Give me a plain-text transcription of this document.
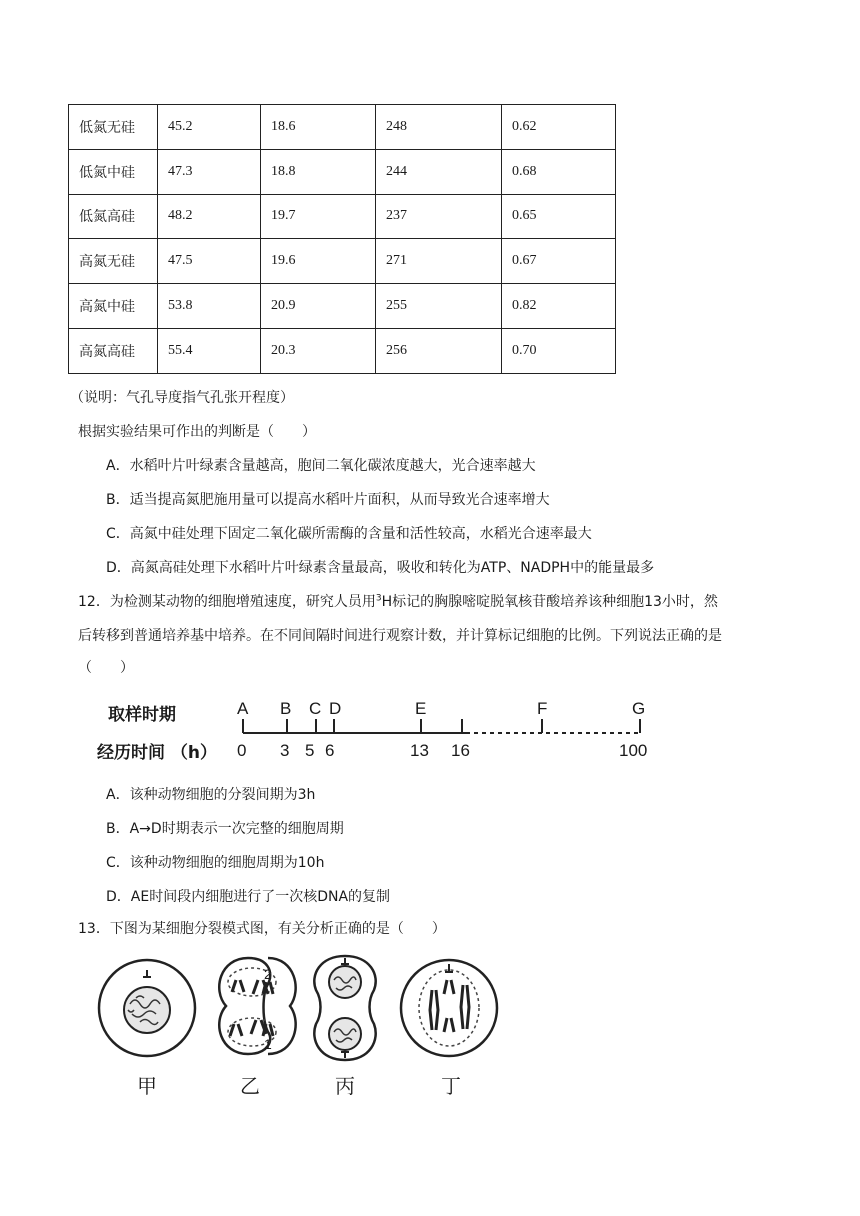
低氮无硅	45.2	18.6	248	0.62
低氮中硅	47.3	18.8	244	0.68
低氮高硅	48.2	19.7	237	0.65
高氮无硅	47.5	19.6	271	0.67
高氮中硅	53.8	20.9	255	0.82
高氮高硅	55.4	20.3	256	0.70
（说明：气孔导度指气孔张开程度）
根据实验结果可作出的判断是（　　）
A．水稻叶片叶绿素含量越高，胞间二氧化碳浓度越大，光合速率越大
B．适当提高氮肥施用量可以提高水稻叶片面积，从而导致光合速率增大
C．高氮中硅处理下固定二氧化碳所需酶的含量和活性较高，水稻光合速率最大
D．高氮高硅处理下水稻叶片叶绿素含量最高，吸收和转化为ATP、NADPH中的能量最多
12．为检测某动物的细胞增殖速度，研究人员用$^3$H标记的胸腺嘧啶脱氧核苷酸培养该种细胞13小时，然
后转移到普通培养基中培养。在不同间隔时间进行观察计数，并计算标记细胞的比例。下列说法正确的是
（　　）
取样时期
经历时间 （h）
A B C D	E	F	G
0 3 5 6	13 16	100
A．该种动物细胞的分裂间期为3h
B．A→D时期表示一次完整的细胞周期
C．该种动物细胞的细胞周期为10h
D．AE时间段内细胞进行了一次核DNA的复制
13．下图为某细胞分裂模式图，有关分析正确的是（　　）
2
1
甲	乙	丙	丁
